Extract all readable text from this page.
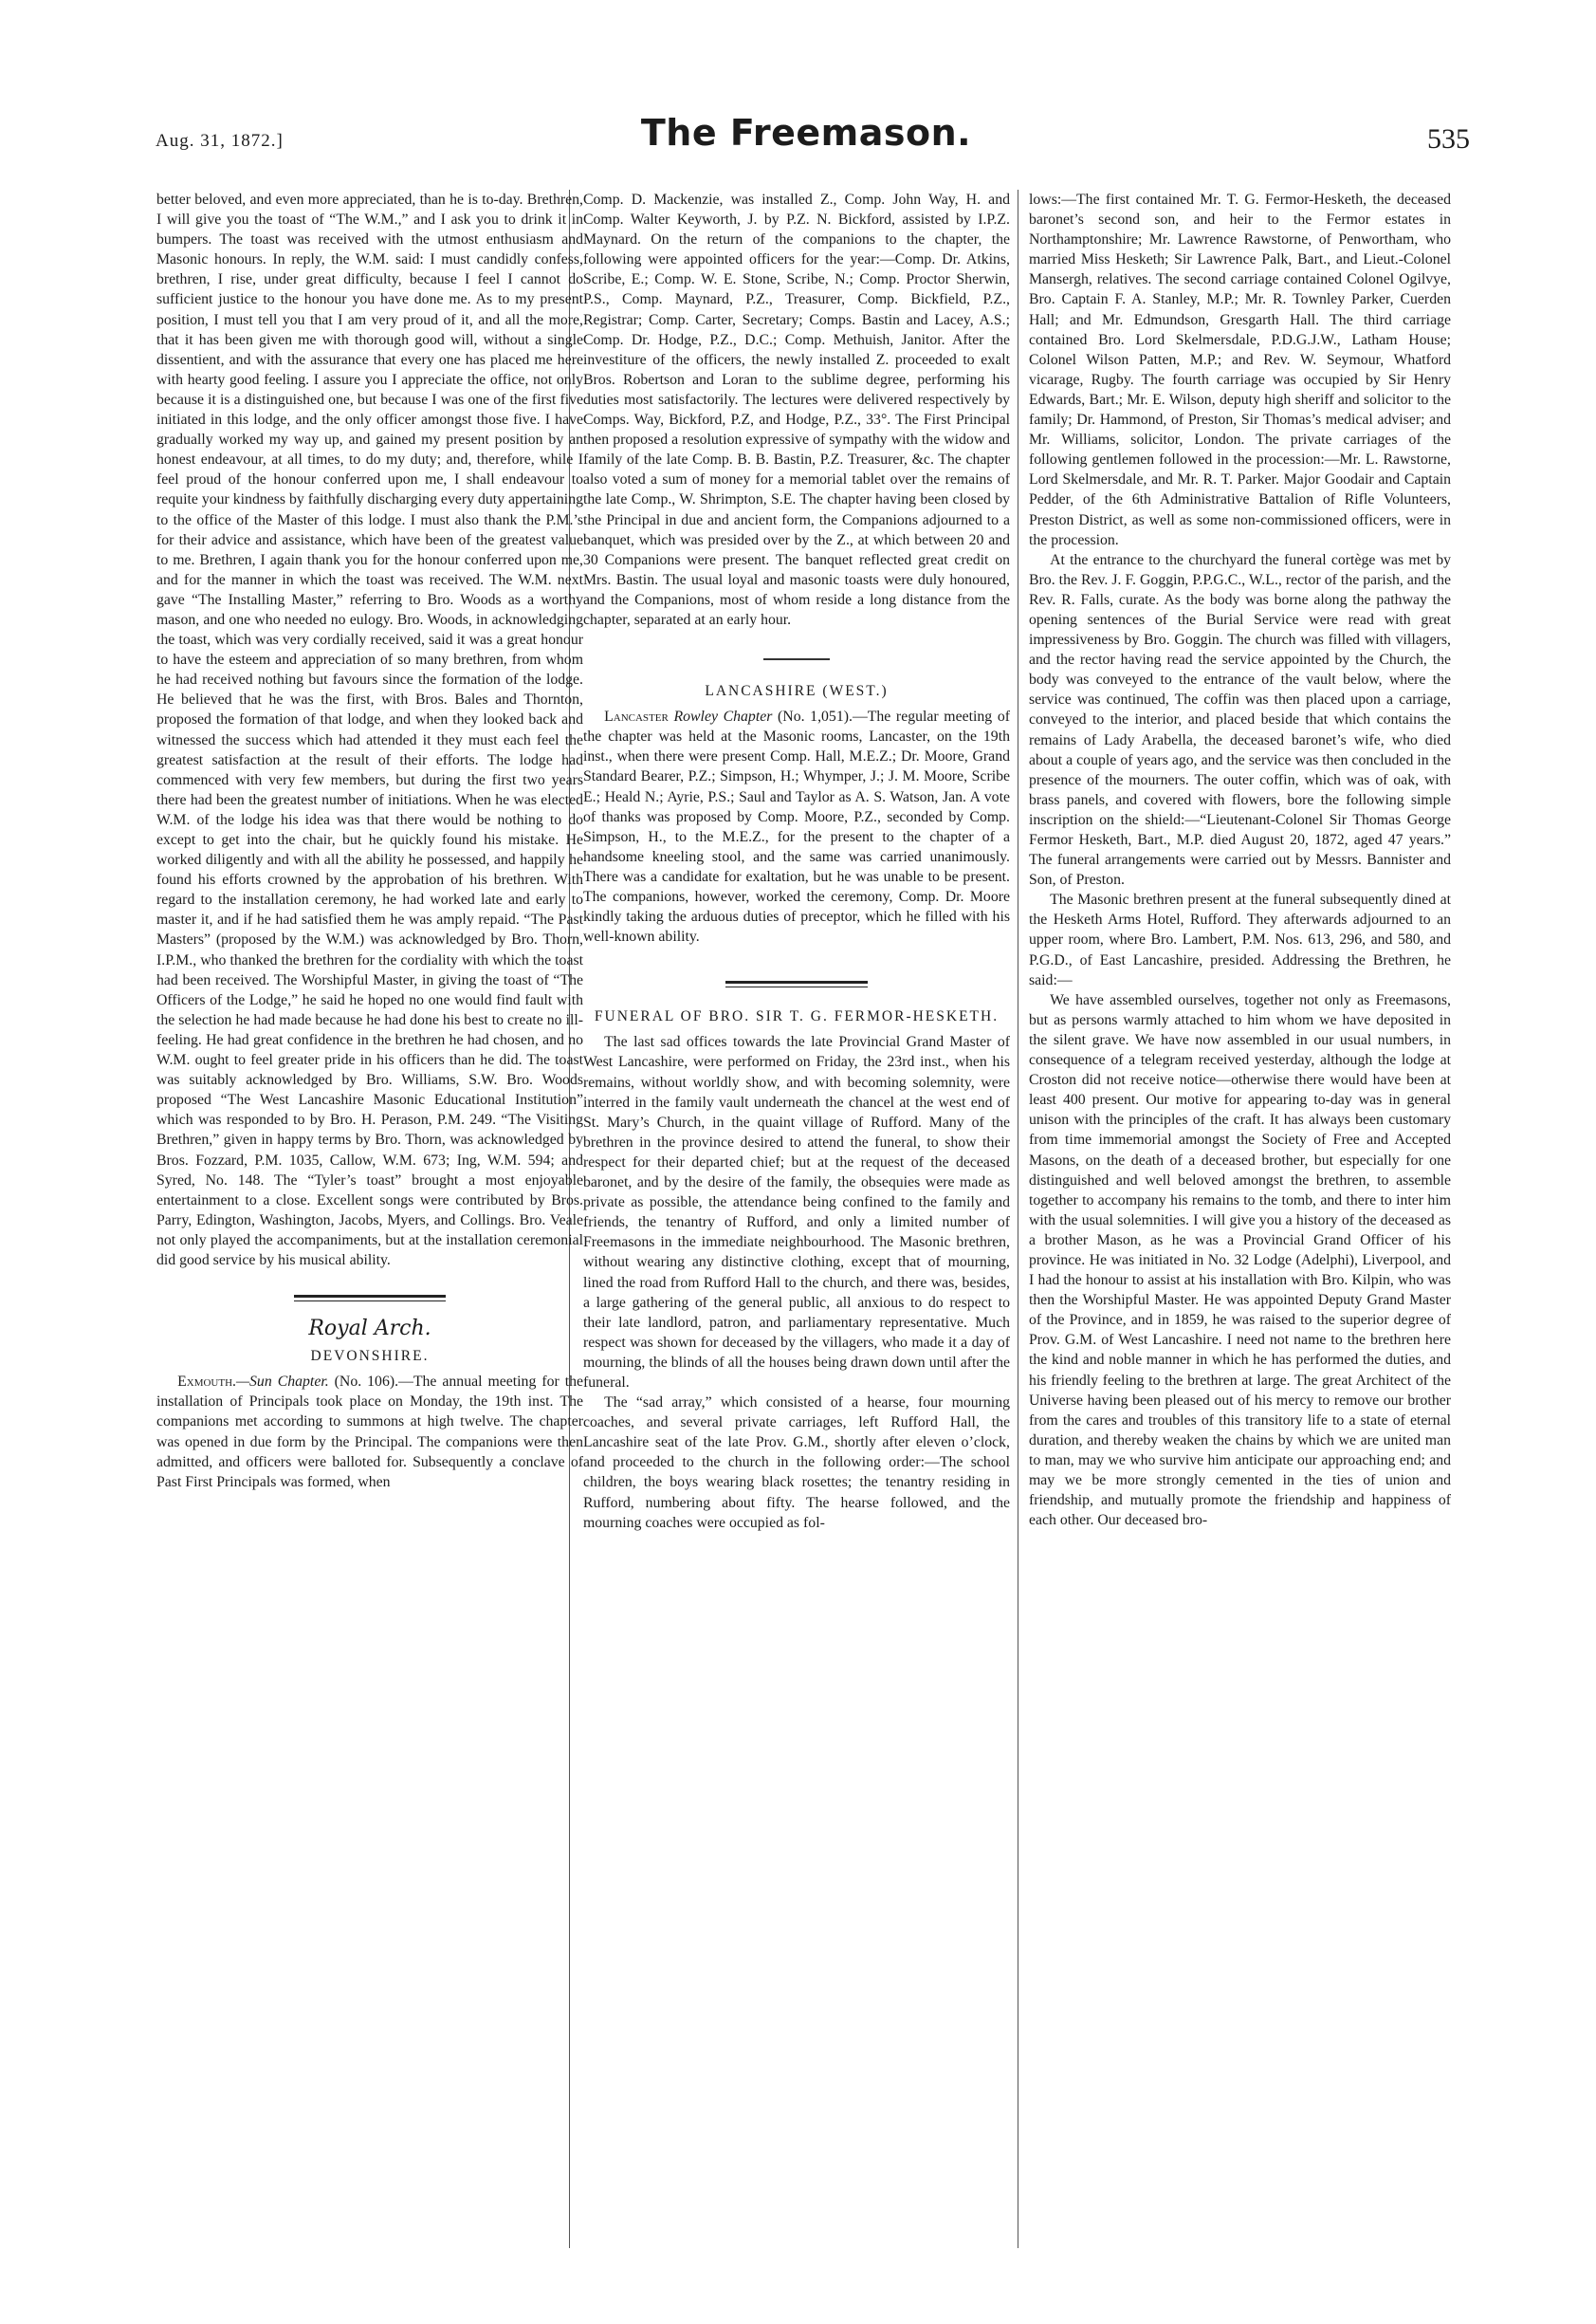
Aug. 31, 1872.]	The Freemason.	535

better beloved, and even more appreciated, than he is to-day. Brethren, I will give you the toast of “The W.M.,” and I ask you to drink it in bumpers. The toast was received with the utmost enthusiasm and Masonic honours. In reply, the W.M. said: I must candidly confess, brethren, I rise, under great difficulty, because I feel I cannot do sufficient justice to the honour you have done me. As to my present position, I must tell you that I am very proud of it, and all the more, that it has been given me with thorough good will, without a single dissentient, and with the assurance that every one has placed me here with hearty good feeling. I assure you I appreciate the office, not only because it is a distinguished one, but because I was one of the first five initiated in this lodge, and the only officer amongst those five. I have gradually worked my way up, and gained my present position by an honest endeavour, at all times, to do my duty; and, therefore, while I feel proud of the honour conferred upon me, I shall endeavour to requite your kindness by faithfully discharging every duty appertaining to the office of the Master of this lodge. I must also thank the P.M.’s for their advice and assistance, which have been of the greatest value to me. Brethren, I again thank you for the honour conferred upon me, and for the manner in which the toast was received. The W.M. next gave “The Installing Master,” referring to Bro. Woods as a worthy mason, and one who needed no eulogy. Bro. Woods, in acknowledging the toast, which was very cordially received, said it was a great honour to have the esteem and appreciation of so many brethren, from whom he had received nothing but favours since the formation of the lodge. He believed that he was the first, with Bros. Bales and Thornton, proposed the formation of that lodge, and when they looked back and witnessed the success which had attended it they must each feel the greatest satisfaction at the result of their efforts. The lodge had commenced with very few members, but during the first two years there had been the greatest number of initiations. When he was elected W.M. of the lodge his idea was that there would be nothing to do except to get into the chair, but he quickly found his mistake. He worked diligently and with all the ability he possessed, and happily he found his efforts crowned by the approbation of his brethren. With regard to the installation ceremony, he had worked late and early to master it, and if he had satisfied them he was amply repaid. “The Past Masters” (proposed by the W.M.) was acknowledged by Bro. Thorn, I.P.M., who thanked the brethren for the cordiality with which the toast had been received. The Worshipful Master, in giving the toast of “The Officers of the Lodge,” he said he hoped no one would find fault with the selection he had made because he had done his best to create no ill-feeling. He had great confidence in the brethren he had chosen, and no W.M. ought to feel greater pride in his officers than he did. The toast was suitably acknowledged by Bro. Williams, S.W. Bro. Woods proposed “The West Lancashire Masonic Educational Institution” which was responded to by Bro. H. Perason, P.M. 249. “The Visiting Brethren,” given in happy terms by Bro. Thorn, was acknowledged by Bros. Fozzard, P.M. 1035, Callow, W.M. 673; Ing, W.M. 594; and Syred, No. 148. The “Tyler’s toast” brought a most enjoyable entertainment to a close. Excellent songs were contributed by Bros. Parry, Edington, Washington, Jacobs, Myers, and Collings. Bro. Veale not only played the accompaniments, but at the installation ceremonial did good service by his musical ability.

Royal Arch.
DEVONSHIRE.

Exmouth.—Sun Chapter. (No. 106).—The annual meeting for the installation of Principals took place on Monday, the 19th inst. The companions met according to summons at high twelve. The chapter was opened in due form by the Principal. The companions were then admitted, and officers were balloted for. Subsequently a conclave of Past First Principals was formed, when

Comp. D. Mackenzie, was installed Z., Comp. John Way, H. and Comp. Walter Keyworth, J. by P.Z. N. Bickford, assisted by I.P.Z. Maynard. On the return of the companions to the chapter, the following were appointed officers for the year:—Comp. Dr. Atkins, Scribe, E.; Comp. W. E. Stone, Scribe, N.; Comp. Proctor Sherwin, P.S., Comp. Maynard, P.Z., Treasurer, Comp. Bickfield, P.Z., Registrar; Comp. Carter, Secretary; Comps. Bastin and Lacey, A.S.; Comp. Dr. Hodge, P.Z., D.C.; Comp. Methuish, Janitor. After the investiture of the officers, the newly installed Z. proceeded to exalt Bros. Robertson and Loran to the sublime degree, performing his duties most satisfactorily. The lectures were delivered respectively by Comps. Way, Bickford, P.Z, and Hodge, P.Z., 33°. The First Principal then proposed a resolution expressive of sympathy with the widow and family of the late Comp. B. B. Bastin, P.Z. Treasurer, &c. The chapter also voted a sum of money for a memorial tablet over the remains of the late Comp., W. Shrimpton, S.E. The chapter having been closed by the Principal in due and ancient form, the Companions adjourned to a banquet, which was presided over by the Z., at which between 20 and 30 Companions were present. The banquet reflected great credit on Mrs. Bastin. The usual loyal and masonic toasts were duly honoured, and the Companions, most of whom reside a long distance from the chapter, separated at an early hour.

LANCASHIRE (WEST.)

Lancaster Rowley Chapter (No. 1,051).—The regular meeting of the chapter was held at the Masonic rooms, Lancaster, on the 19th inst., when there were present Comp. Hall, M.E.Z.; Dr. Moore, Grand Standard Bearer, P.Z.; Simpson, H.; Whymper, J.; J. M. Moore, Scribe E.; Heald N.; Ayrie, P.S.; Saul and Taylor as A. S. Watson, Jan. A vote of thanks was proposed by Comp. Moore, P.Z., seconded by Comp. Simpson, H., to the M.E.Z., for the present to the chapter of a handsome kneeling stool, and the same was carried unanimously. There was a candidate for exaltation, but he was unable to be present. The companions, however, worked the ceremony, Comp. Dr. Moore kindly taking the arduous duties of preceptor, which he filled with his well-known ability.

FUNERAL OF BRO. SIR T. G. FERMOR-HESKETH.

The last sad offices towards the late Provincial Grand Master of West Lancashire, were performed on Friday, the 23rd inst., when his remains, without worldly show, and with becoming solemnity, were interred in the family vault underneath the chancel at the west end of St. Mary’s Church, in the quaint village of Rufford. Many of the brethren in the province desired to attend the funeral, to show their respect for their departed chief; but at the request of the deceased baronet, and by the desire of the family, the obsequies were made as private as possible, the attendance being confined to the family and friends, the tenantry of Rufford, and only a limited number of Freemasons in the immediate neighbourhood. The Masonic brethren, without wearing any distinctive clothing, except that of mourning, lined the road from Rufford Hall to the church, and there was, besides, a large gathering of the general public, all anxious to do respect to their late landlord, patron, and parliamentary representative. Much respect was shown for deceased by the villagers, who made it a day of mourning, the blinds of all the houses being drawn down until after the funeral.

The “sad array,” which consisted of a hearse, four mourning coaches, and several private carriages, left Rufford Hall, the Lancashire seat of the late Prov. G.M., shortly after eleven o’clock, and proceeded to the church in the following order:—The school children, the boys wearing black rosettes; the tenantry residing in Rufford, numbering about fifty. The hearse followed, and the mourning coaches were occupied as fol-

lows:—The first contained Mr. T. G. Fermor-Hesketh, the deceased baronet’s second son, and heir to the Fermor estates in Northamptonshire; Mr. Lawrence Rawstorne, of Penwortham, who married Miss Hesketh; Sir Lawrence Palk, Bart., and Lieut.-Colonel Mansergh, relatives. The second carriage contained Colonel Ogilvye, Bro. Captain F. A. Stanley, M.P.; Mr. R. Townley Parker, Cuerden Hall; and Mr. Edmundson, Gresgarth Hall. The third carriage contained Bro. Lord Skelmersdale, P.D.G.J.W., Latham House; Colonel Wilson Patten, M.P.; and Rev. W. Seymour, Whatford vicarage, Rugby. The fourth carriage was occupied by Sir Henry Edwards, Bart.; Mr. E. Wilson, deputy high sheriff and solicitor to the family; Dr. Hammond, of Preston, Sir Thomas’s medical adviser; and Mr. Williams, solicitor, London. The private carriages of the following gentlemen followed in the procession:—Mr. L. Rawstorne, Lord Skelmersdale, and Mr. R. T. Parker. Major Goodair and Captain Pedder, of the 6th Administrative Battalion of Rifle Volunteers, Preston District, as well as some non-commissioned officers, were in the procession.

At the entrance to the churchyard the funeral cortège was met by Bro. the Rev. J. F. Goggin, P.P.G.C., W.L., rector of the parish, and the Rev. R. Falls, curate. As the body was borne along the pathway the opening sentences of the Burial Service were read with great impressiveness by Bro. Goggin. The church was filled with villagers, and the rector having read the service appointed by the Church, the body was conveyed to the entrance of the vault below, where the service was continued, The coffin was then placed upon a carriage, conveyed to the interior, and placed beside that which contains the remains of Lady Arabella, the deceased baronet’s wife, who died about a couple of years ago, and the service was then concluded in the presence of the mourners. The outer coffin, which was of oak, with brass panels, and covered with flowers, bore the following simple inscription on the shield:—“Lieutenant-Colonel Sir Thomas George Fermor Hesketh, Bart., M.P. died August 20, 1872, aged 47 years.” The funeral arrangements were carried out by Messrs. Bannister and Son, of Preston.

The Masonic brethren present at the funeral subsequently dined at the Hesketh Arms Hotel, Rufford. They afterwards adjourned to an upper room, where Bro. Lambert, P.M. Nos. 613, 296, and 580, and P.G.D., of East Lancashire, presided. Addressing the Brethren, he said:—

We have assembled ourselves, together not only as Freemasons, but as persons warmly attached to him whom we have deposited in the silent grave. We have now assembled in our usual numbers, in consequence of a telegram received yesterday, although the lodge at Croston did not receive notice—otherwise there would have been at least 400 present. Our motive for appearing to-day was in general unison with the principles of the craft. It has always been customary from time immemorial amongst the Society of Free and Accepted Masons, on the death of a deceased brother, but especially for one distinguished and well beloved amongst the brethren, to assemble together to accompany his remains to the tomb, and there to inter him with the usual solemnities. I will give you a history of the deceased as a brother Mason, as he was a Provincial Grand Officer of his province. He was initiated in No. 32 Lodge (Adelphi), Liverpool, and I had the honour to assist at his installation with Bro. Kilpin, who was then the Worshipful Master. He was appointed Deputy Grand Master of the Province, and in 1859, he was raised to the superior degree of Prov. G.M. of West Lancashire. I need not name to the brethren here the kind and noble manner in which he has performed the duties, and his friendly feeling to the brethren at large. The great Architect of the Universe having been pleased out of his mercy to remove our brother from the cares and troubles of this transitory life to a state of eternal duration, and thereby weaken the chains by which we are united man to man, may we who survive him anticipate our approaching end; and may we be more strongly cemented in the ties of union and friendship, and mutually promote the friendship and happiness of each other. Our deceased bro-
